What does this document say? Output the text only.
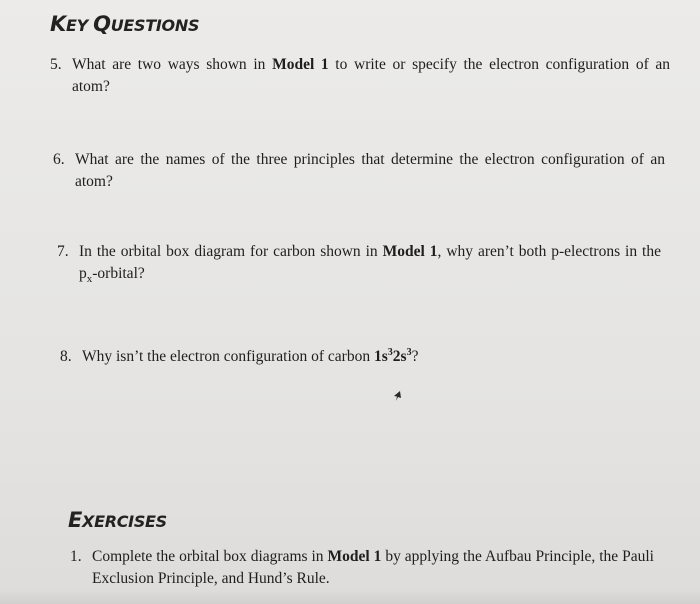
KEY QUESTIONS
5. What are two ways shown in Model 1 to write or specify the electron configuration of an
atom?
6. What are the names of the three principles that determine the electron configuration of an
atom?
7. In the orbital box diagram for carbon shown in Model 1, why aren’t both p-electrons in the
$p_x$-orbital?
8. Why isn’t the electron configuration of carbon $1s^32s^3$?
EXERCISES
1. Complete the orbital box diagrams in Model 1 by applying the Aufbau Principle, the Pauli
Exclusion Principle, and Hund’s Rule.
